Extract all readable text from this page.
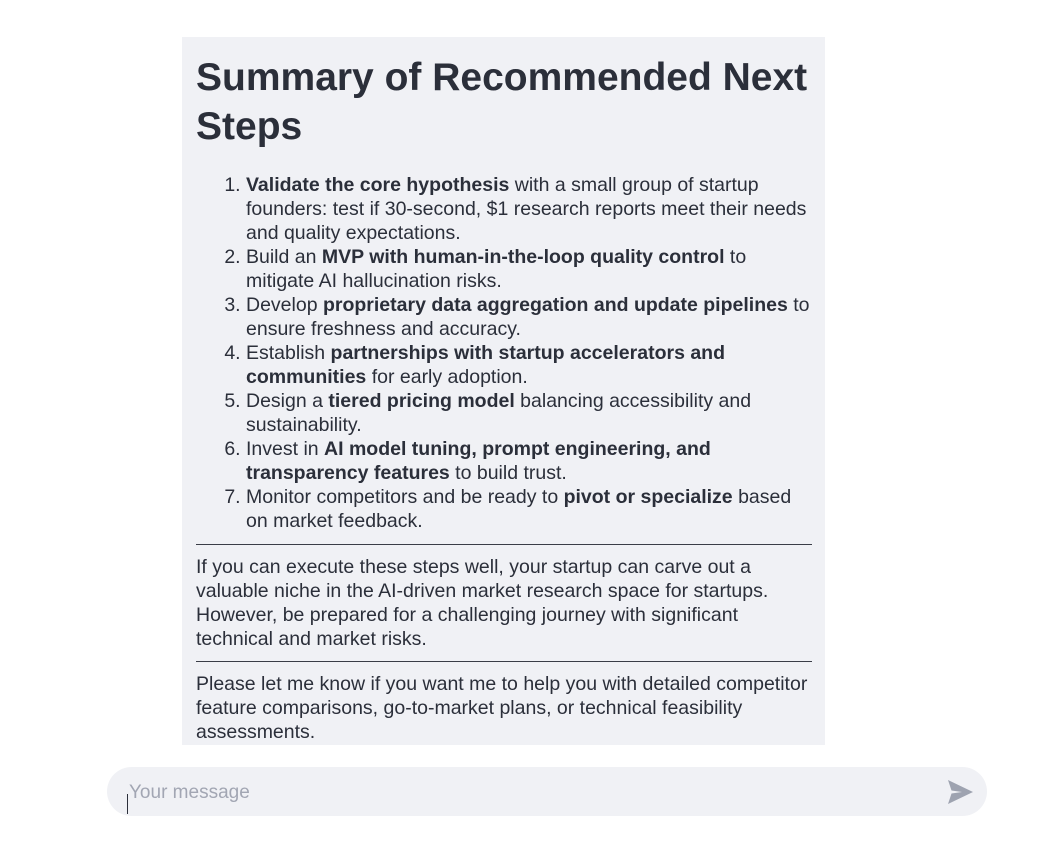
Summary of Recommended Next Steps
1. Validate the core hypothesis with a small group of startup founders: test if 30-second, $1 research reports meet their needs and quality expectations.
2. Build an MVP with human-in-the-loop quality control to mitigate AI hallucination risks.
3. Develop proprietary data aggregation and update pipelines to ensure freshness and accuracy.
4. Establish partnerships with startup accelerators and communities for early adoption.
5. Design a tiered pricing model balancing accessibility and sustainability.
6. Invest in AI model tuning, prompt engineering, and transparency features to build trust.
7. Monitor competitors and be ready to pivot or specialize based on market feedback.

If you can execute these steps well, your startup can carve out a valuable niche in the AI-driven market research space for startups. However, be prepared for a challenging journey with significant technical and market risks.

Please let me know if you want me to help you with detailed competitor feature comparisons, go-to-market plans, or technical feasibility assessments.

Your message
